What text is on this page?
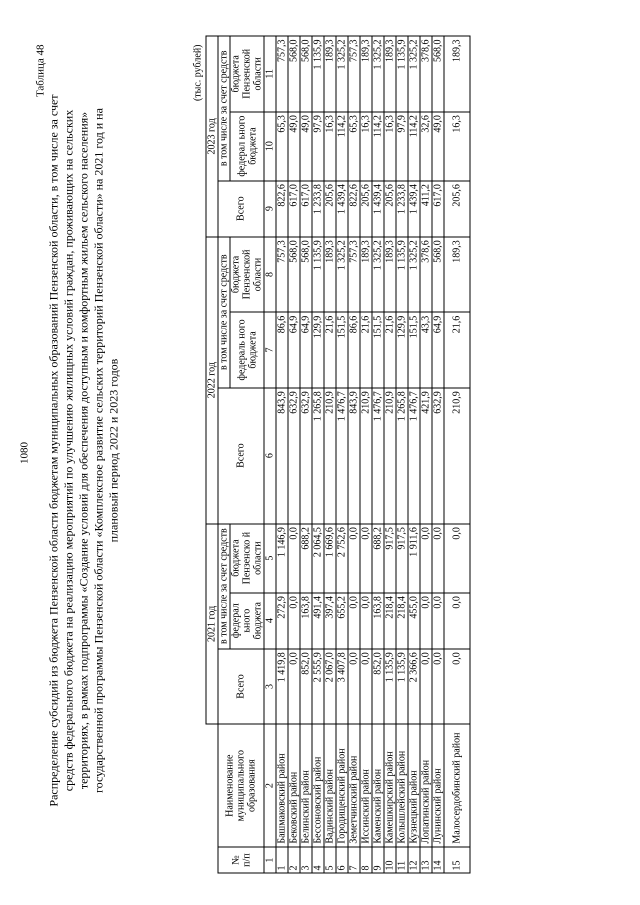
1080
Таблица 48
Распределение субсидий из бюджета Пензенской области бюджетам муниципальных образований Пензенской области, в том числе за счет средств федерального бюджета на реализацию мероприятий по улучшению жилищных условий граждан, проживающих на сельских территориях, в рамках подпрограммы «Создание условий для обеспечения доступным и комфортным жильем сельского населения» государственной программы Пензенской области «Комплексное развитие сельских территорий Пензенской области» на 2021 год и на плановый период 2022 и 2023 годов
(тыс. рублей)
		2021 год			2022 год			2023 год		
№ п/п	Наименование муниципального образования	Всего	в том числе за счет средств		Всего	в том числе за счет средств		Всего	в том числе за счет средств	
			федерал ьного бюджета	бюджета Пензенско й области		федераль ного бюджета	бюджета Пензенской области		федерал ьного бюджета	бюджета Пензенской области
1	2	3	4	5	6	7	8	9	10	11
1	Башмаковский район	1 419,8	272,9	1 146,9	843,9	86,6	757,3	822,6	65,3	757,3
2	Бековский район	0,0	0,0	0,0	632,9	64,9	568,0	617,0	49,0	568,0
3	Белинский район	852,0	163,8	688,2	632,9	64,9	568,0	617,0	49,0	568,0
4	Бессоновский район	2 555,9	491,4	2 064,5	1 265,8	129,9	1 135,9	1 233,8	97,9	1 135,9
5	Вадинский район	2 067,0	397,4	1 669,6	210,9	21,6	189,3	205,6	16,3	189,3
6	Городищенский район	3 407,8	655,2	2 752,6	1 476,7	151,5	1 325,2	1 439,4	114,2	1 325,2
7	Земетчинский район	0,0	0,0	0,0	843,9	86,6	757,3	822,6	65,3	757,3
8	Иссинский район	0,0	0,0	0,0	210,9	21,6	189,3	205,6	16,3	189,3
9	Каменский район	852,0	163,8	688,2	1 476,7	151,5	1 325,2	1 439,4	114,2	1 325,2
10	Камешкирский район	1 135,9	218,4	917,5	210,9	21,6	189,3	205,6	16,3	189,3
11	Колышлейский район	1 135,9	218,4	917,5	1 265,8	129,9	1 135,9	1 233,8	97,9	1 135,9
12	Кузнецкий район	2 366,6	455,0	1 911,6	1 476,7	151,5	1 325,2	1 439,4	114,2	1 325,2
13	Лопатинский район	0,0	0,0	0,0	421,9	43,3	378,6	411,2	32,6	378,6
14	Лунинский район	0,0	0,0	0,0	632,9	64,9	568,0	617,0	49,0	568,0
15	Малосердобинский район	0,0	0,0	0,0	210,9	21,6	189,3	205,6	16,3	189,3
